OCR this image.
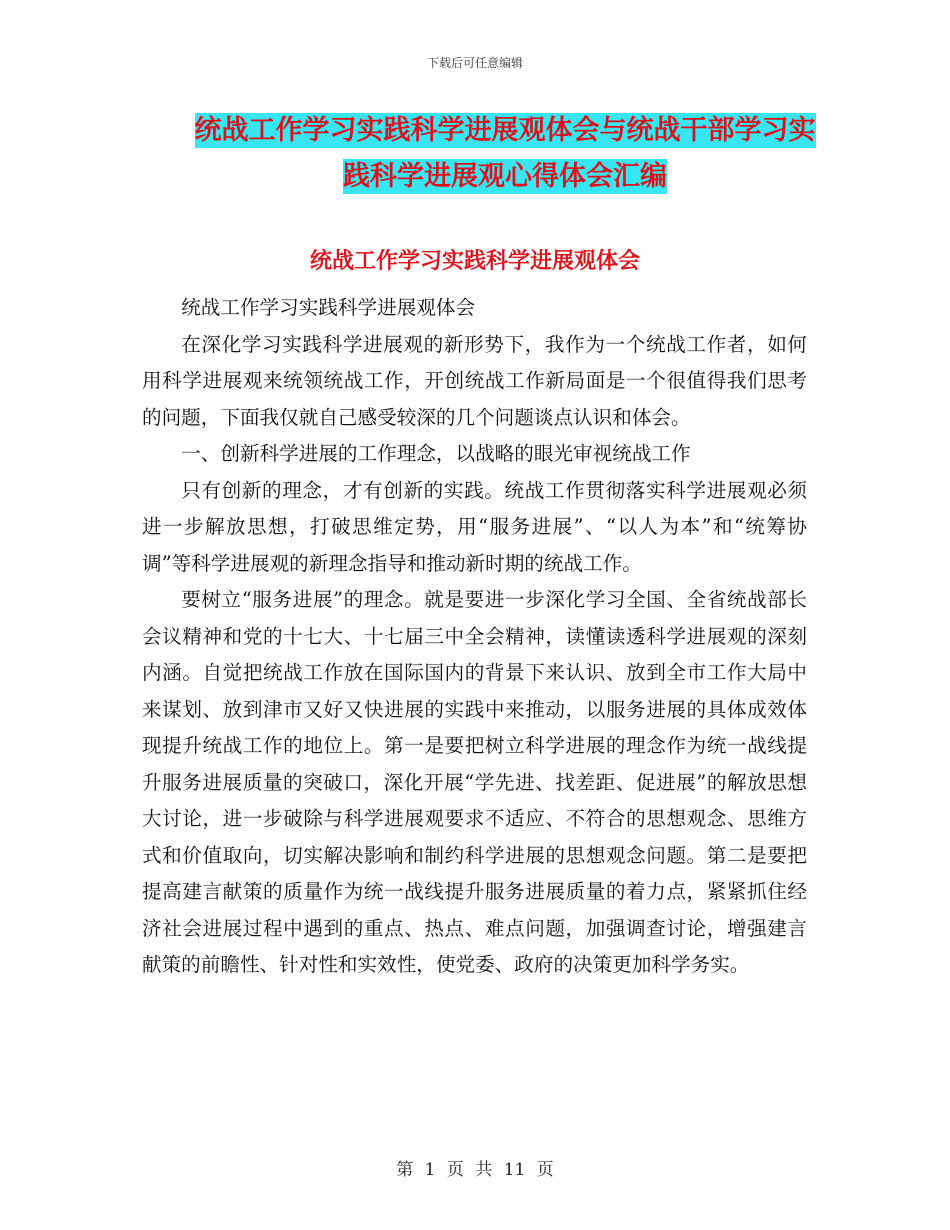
下载后可任意编辑
统战工作学习实践科学进展观体会与统战干部学习实
践科学进展观心得体会汇编
统战工作学习实践科学进展观体会

统战工作学习实践科学进展观体会

在深化学习实践科学进展观的新形势下，我作为一个统战工作者，如何用科学进展观来统领统战工作，开创统战工作新局面是一个很值得我们思考的问题，下面我仅就自己感受较深的几个问题谈点认识和体会。

一、创新科学进展的工作理念，以战略的眼光审视统战工作

只有创新的理念，才有创新的实践。统战工作贯彻落实科学进展观必须进一步解放思想，打破思维定势，用“服务进展”、“以人为本”和“统筹协调”等科学进展观的新理念指导和推动新时期的统战工作。

要树立“服务进展”的理念。就是要进一步深化学习全国、全省统战部长会议精神和党的十七大、十七届三中全会精神，读懂读透科学进展观的深刻内涵。自觉把统战工作放在国际国内的背景下来认识、放到全市工作大局中来谋划、放到津市又好又快进展的实践中来推动，以服务进展的具体成效体现提升统战工作的地位上。第一是要把树立科学进展的理念作为统一战线提升服务进展质量的突破口，深化开展“学先进、找差距、促进展”的解放思想大讨论，进一步破除与科学进展观要求不适应、不符合的思想观念、思维方式和价值取向，切实解决影响和制约科学进展的思想观念问题。第二是要把提高建言献策的质量作为统一战线提升服务进展质量的着力点，紧紧抓住经济社会进展过程中遇到的重点、热点、难点问题，加强调查讨论，增强建言献策的前瞻性、针对性和实效性，使党委、政府的决策更加科学务实。

第 1 页 共 11 页
